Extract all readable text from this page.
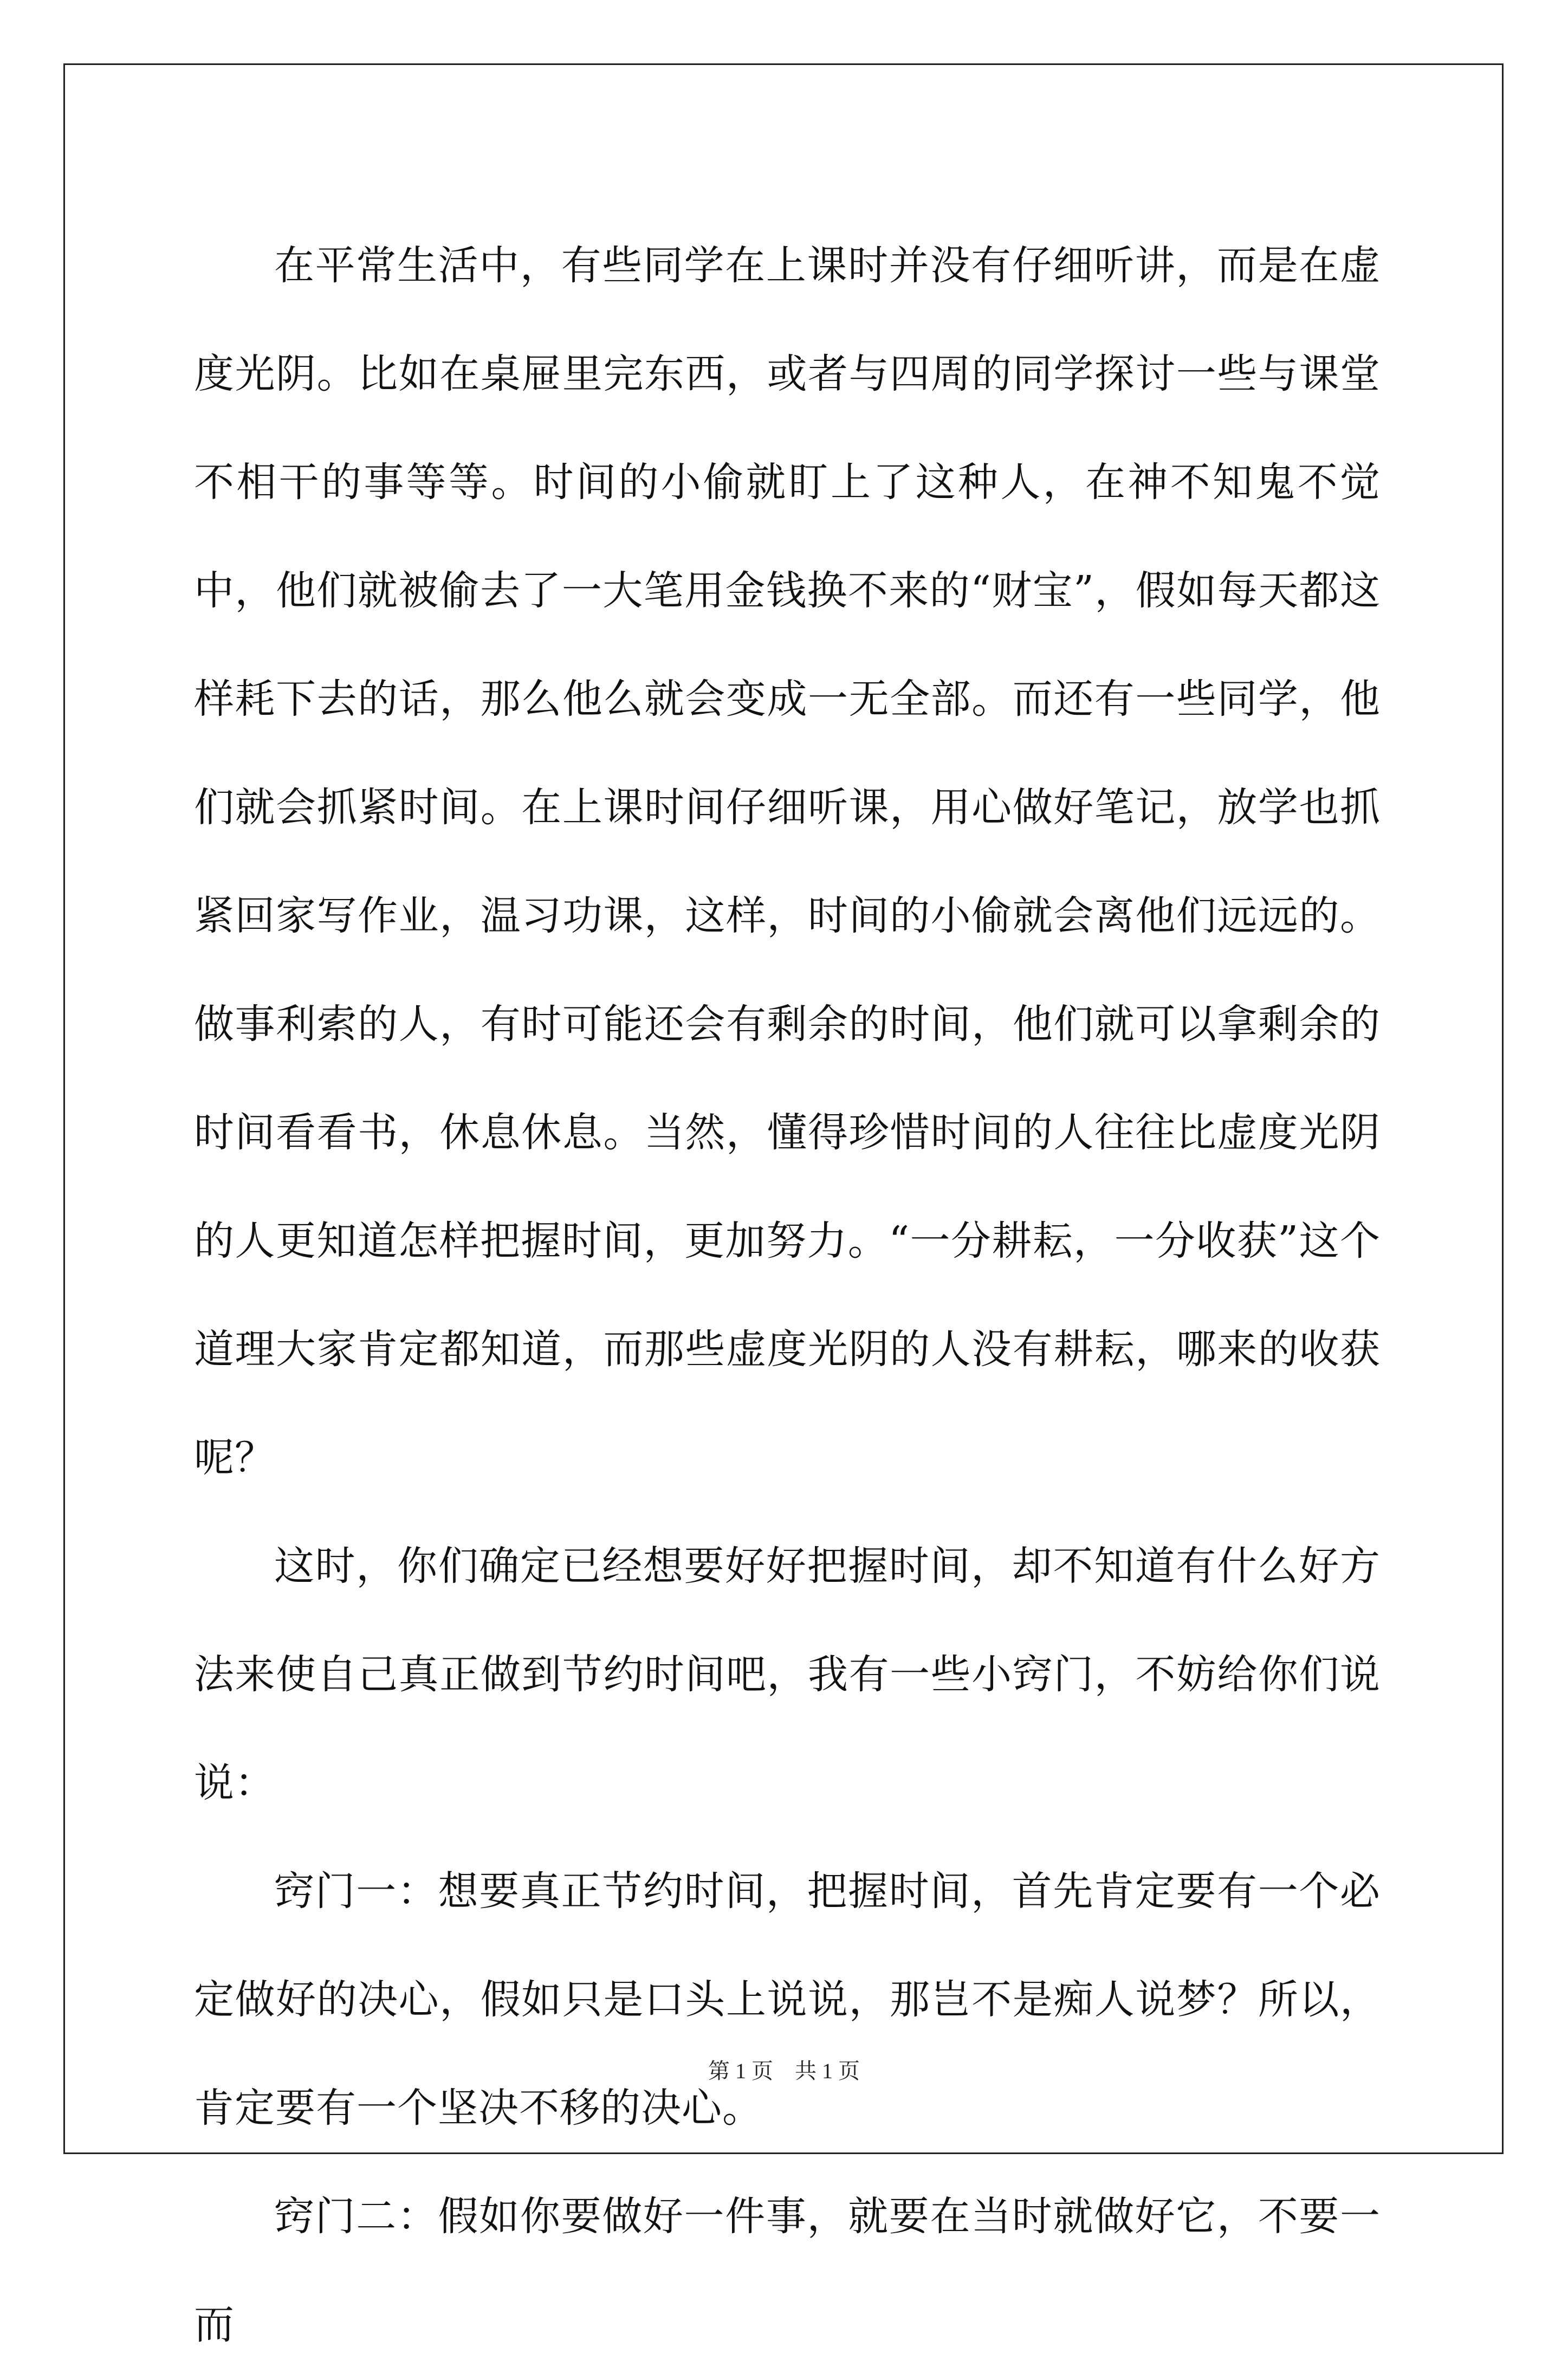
在平常生活中，有些同学在上课时并没有仔细听讲，而是在虚度光阴。比如在桌屉里完东西，或者与四周的同学探讨一些与课堂不相干的事等等。时间的小偷就盯上了这种人，在神不知鬼不觉中，他们就被偷去了一大笔用金钱换不来的“财宝”，假如每天都这样耗下去的话，那么他么就会变成一无全部。而还有一些同学，他们就会抓紧时间。在上课时间仔细听课，用心做好笔记，放学也抓紧回家写作业，温习功课，这样，时间的小偷就会离他们远远的。做事利索的人，有时可能还会有剩余的时间，他们就可以拿剩余的时间看看书，休息休息。当然，懂得珍惜时间的人往往比虚度光阴的人更知道怎样把握时间，更加努力。“一分耕耘，一分收获”这个道理大家肯定都知道，而那些虚度光阴的人没有耕耘，哪来的收获呢？

这时，你们确定已经想要好好把握时间，却不知道有什么好方法来使自己真正做到节约时间吧，我有一些小窍门，不妨给你们说说：

窍门一：想要真正节约时间，把握时间，首先肯定要有一个必定做好的决心，假如只是口头上说说，那岂不是痴人说梦？所以，肯定要有一个坚决不移的决心。

窍门二：假如你要做好一件事，就要在当时就做好它，不要一而

第 1 页　共 1 页
